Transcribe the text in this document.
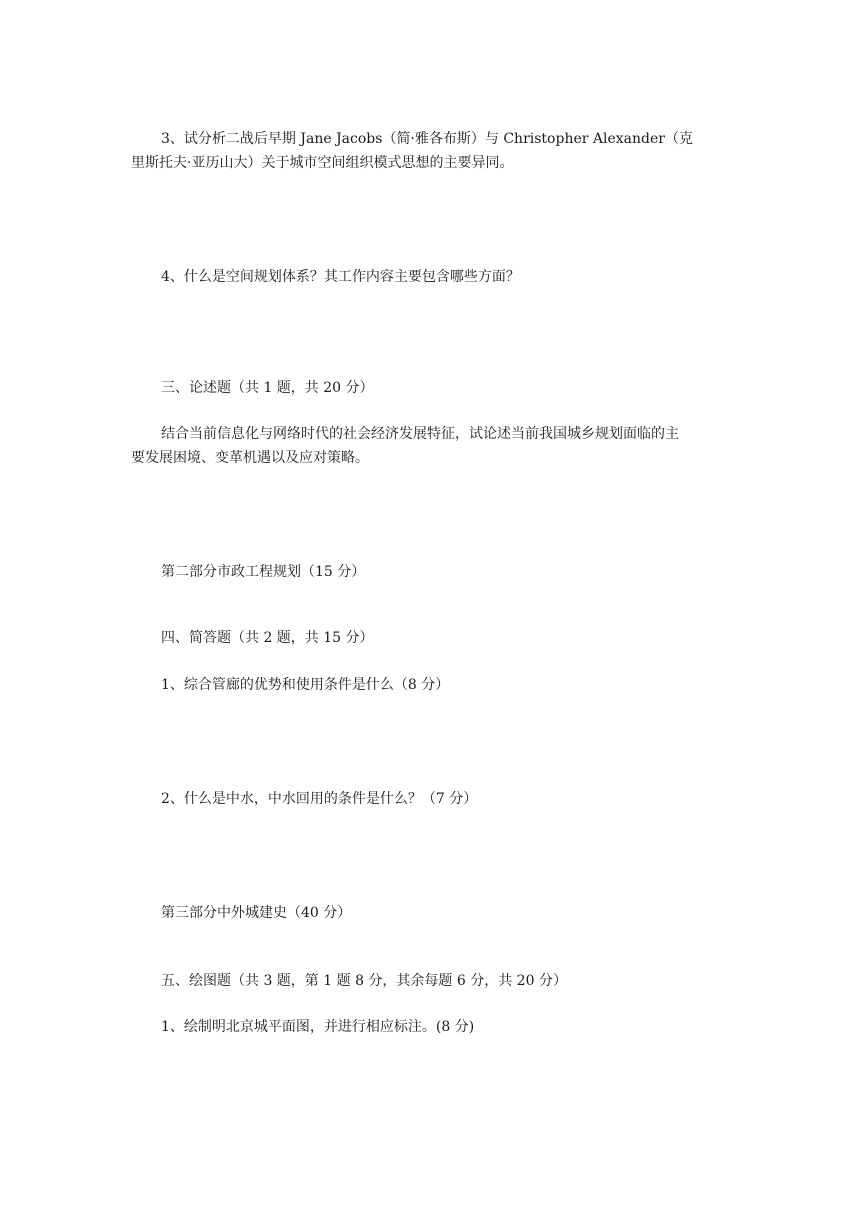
3、试分析二战后早期 Jane Jacobs（简·雅各布斯）与 Christopher Alexander（克

里斯托夫·亚历山大）关于城市空间组织模式思想的主要异同。

4、什么是空间规划体系？其工作内容主要包含哪些方面？

三、论述题（共 1 题，共 20 分）

结合当前信息化与网络时代的社会经济发展特征，试论述当前我国城乡规划面临的主

要发展困境、变革机遇以及应对策略。

第二部分市政工程规划（15 分）

四、简答题（共 2 题，共 15 分）

1、综合管廊的优势和使用条件是什么（8 分）

2、什么是中水，中水回用的条件是什么？（7 分）

第三部分中外城建史（40 分）

五、绘图题（共 3 题，第 1 题 8 分，其余每题 6 分，共 20 分）

1、绘制明北京城平面图，并进行相应标注。(8 分)
